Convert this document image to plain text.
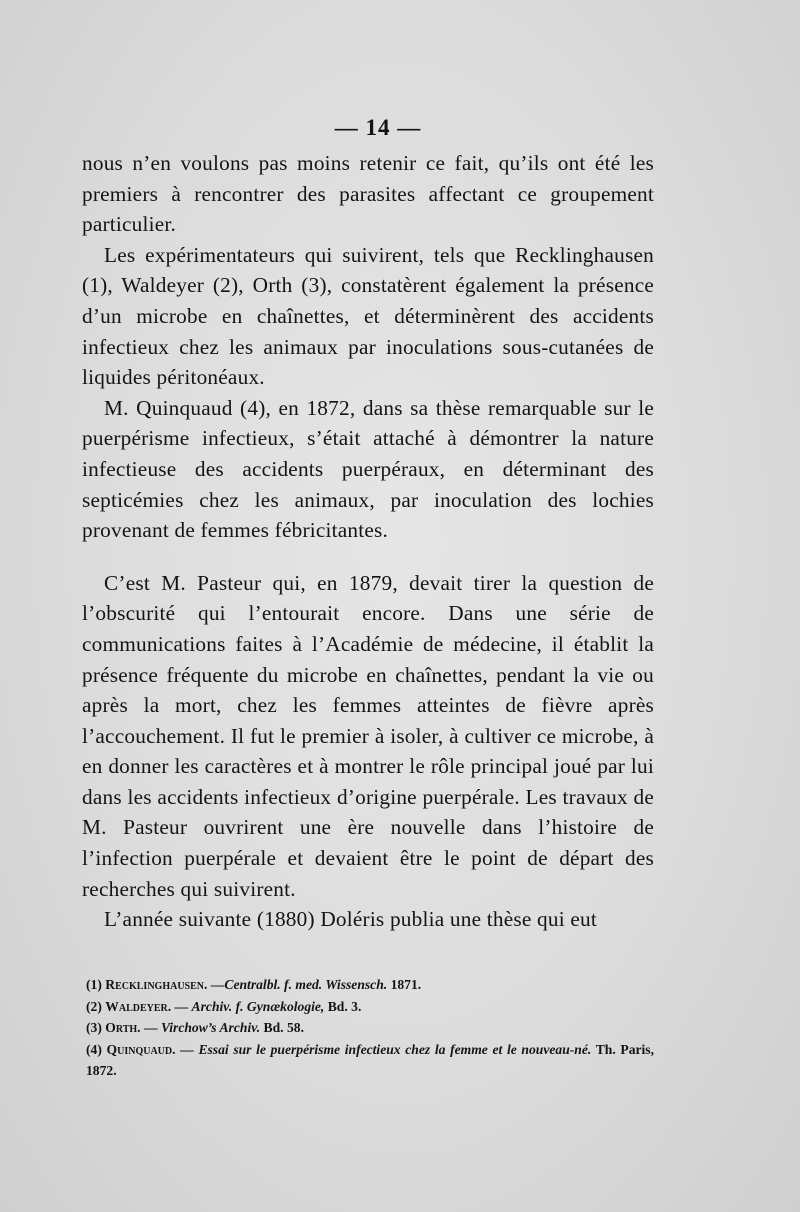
— 14 —

nous n’en voulons pas moins retenir ce fait, qu’ils ont été les premiers à rencontrer des parasites affectant ce groupement particulier.

Les expérimentateurs qui suivirent, tels que Recklinghausen (1), Waldeyer (2), Orth (3), constatèrent également la présence d’un microbe en chaînettes, et déterminèrent des accidents infectieux chez les animaux par inoculations sous-cutanées de liquides péritonéaux.

M. Quinquaud (4), en 1872, dans sa thèse remarquable sur le puerpérisme infectieux, s’était attaché à démontrer la nature infectieuse des accidents puerpéraux, en déterminant des septicémies chez les animaux, par inoculation des lochies provenant de femmes fébricitantes.

C’est M. Pasteur qui, en 1879, devait tirer la question de l’obscurité qui l’entourait encore. Dans une série de communications faites à l’Académie de médecine, il établit la présence fréquente du microbe en chaînettes, pendant la vie ou après la mort, chez les femmes atteintes de fièvre après l’accouchement. Il fut le premier à isoler, à cultiver ce microbe, à en donner les caractères et à montrer le rôle principal joué par lui dans les accidents infectieux d’origine puerpérale. Les travaux de M. Pasteur ouvrirent une ère nouvelle dans l’histoire de l’infection puerpérale et devaient être le point de départ des recherches qui suivirent.

L’année suivante (1880) Doléris publia une thèse qui eut

(1) Recklinghausen. —Centralbl. f. med. Wissensch. 1871.

(2) Waldeyer. — Archiv. f. Gynækologie, Bd. 3.

(3) Orth. — Virchow’s Archiv. Bd. 58.

(4) Quinquaud. — Essai sur le puerpérisme infectieux chez la femme et le nouveau-né. Th. Paris, 1872.
